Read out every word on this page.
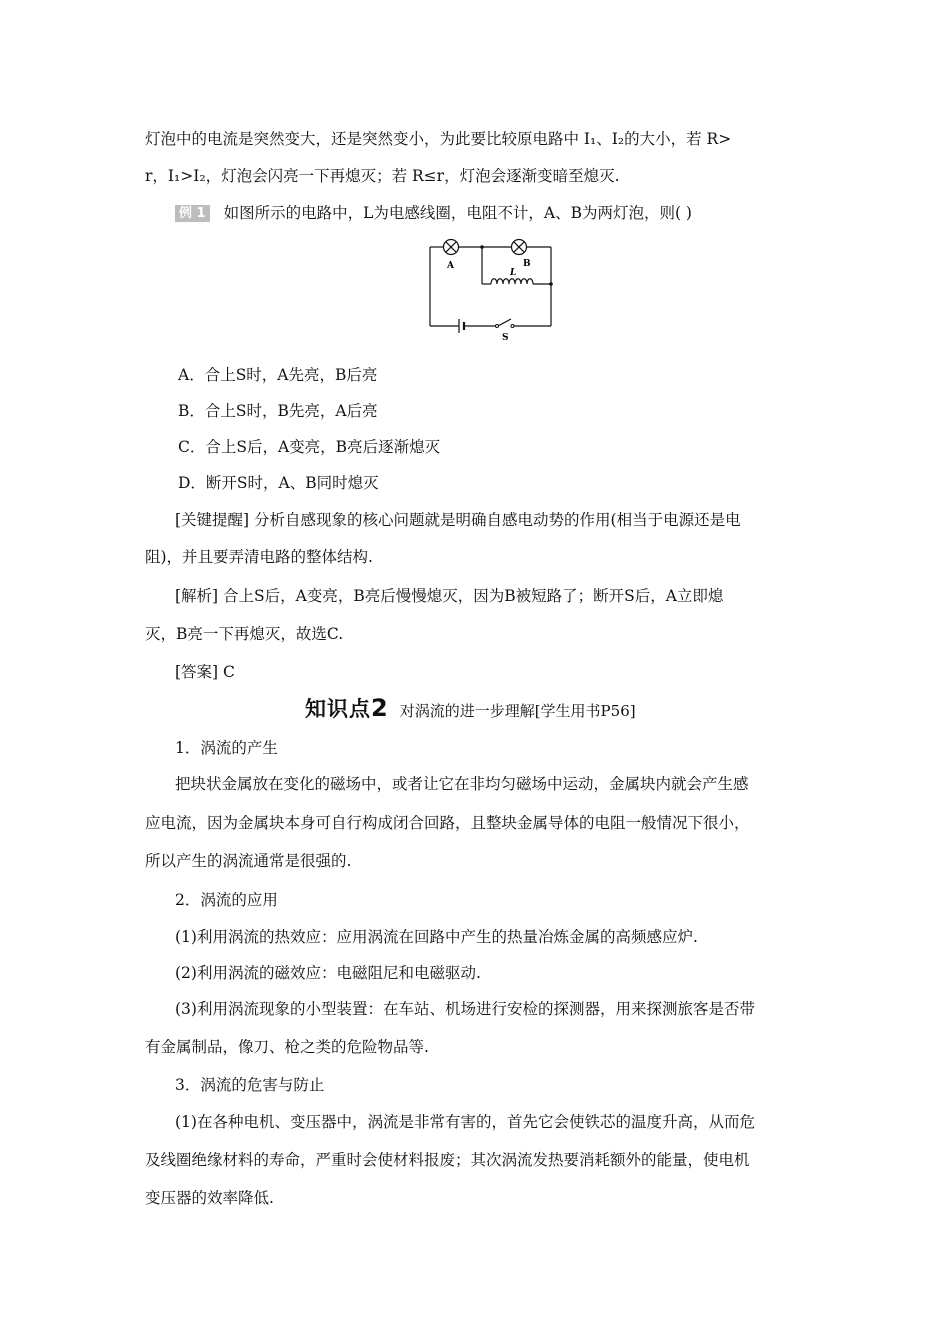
灯泡中的电流是突然变大，还是突然变小，为此要比较原电路中 I₁、I₂的大小，若 R>
r，I₁>I₂，灯泡会闪亮一下再熄灭；若 R≤r，灯泡会逐渐变暗至熄灭.
例 1 如图所示的电路中，L为电感线圈，电阻不计，A、B为两灯泡，则( )
A	B
L
S
A．合上S时，A先亮，B后亮
B．合上S时，B先亮，A后亮
C．合上S后，A变亮，B亮后逐渐熄灭
D．断开S时，A、B同时熄灭
[关键提醒] 分析自感现象的核心问题就是明确自感电动势的作用(相当于电源还是电
阻)，并且要弄清电路的整体结构.
[解析] 合上S后，A变亮，B亮后慢慢熄灭，因为B被短路了；断开S后，A立即熄
灭，B亮一下再熄灭，故选C.
[答案] C
知识点2 对涡流的进一步理解[学生用书P56]
1．涡流的产生
把块状金属放在变化的磁场中，或者让它在非均匀磁场中运动，金属块内就会产生感
应电流，因为金属块本身可自行构成闭合回路，且整块金属导体的电阻一般情况下很小，
所以产生的涡流通常是很强的.
2．涡流的应用
(1)利用涡流的热效应：应用涡流在回路中产生的热量冶炼金属的高频感应炉.
(2)利用涡流的磁效应：电磁阻尼和电磁驱动.
(3)利用涡流现象的小型装置：在车站、机场进行安检的探测器，用来探测旅客是否带
有金属制品，像刀、枪之类的危险物品等.
3．涡流的危害与防止
(1)在各种电机、变压器中，涡流是非常有害的，首先它会使铁芯的温度升高，从而危
及线圈绝缘材料的寿命，严重时会使材料报废；其次涡流发热要消耗额外的能量，使电机
变压器的效率降低.
